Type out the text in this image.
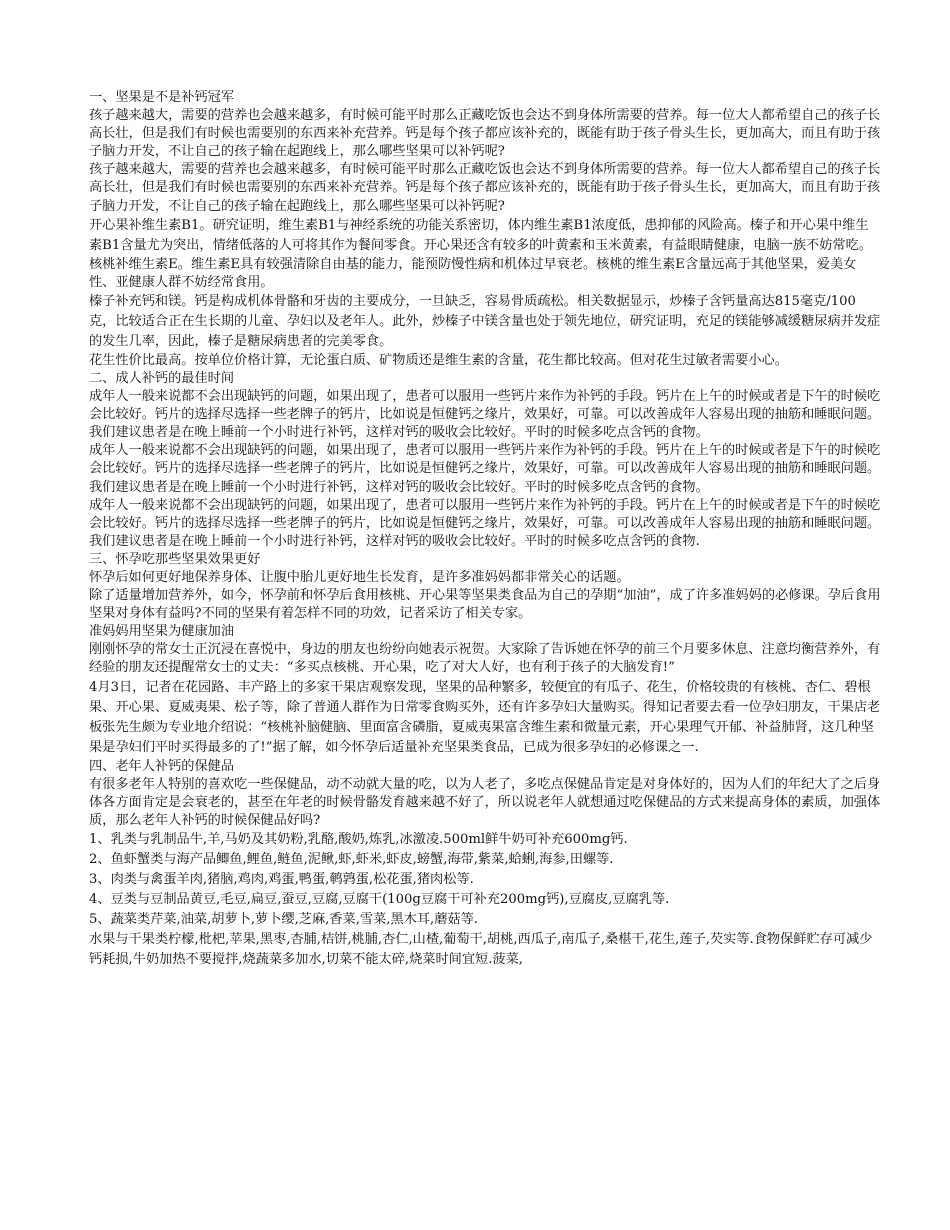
一、坚果是不是补钙冠军

孩子越来越大，需要的营养也会越来越多，有时候可能平时那么正藏吃饭也会达不到身体所需要的营养。每一位大人都希望自己的孩子长高长壮，但是我们有时候也需要别的东西来补充营养。钙是每个孩子都应该补充的，既能有助于孩子骨头生长，更加高大，而且有助于孩子脑力开发，不让自己的孩子输在起跑线上，那么哪些坚果可以补钙呢?

孩子越来越大，需要的营养也会越来越多，有时候可能平时那么正藏吃饭也会达不到身体所需要的营养。每一位大人都希望自己的孩子长高长壮，但是我们有时候也需要别的东西来补充营养。钙是每个孩子都应该补充的，既能有助于孩子骨头生长，更加高大，而且有助于孩子脑力开发，不让自己的孩子输在起跑线上，那么哪些坚果可以补钙呢?

开心果补维生素B1。研究证明，维生素B1与神经系统的功能关系密切，体内维生素B1浓度低，患抑郁的风险高。榛子和开心果中维生素B1含量尤为突出，情绪低落的人可将其作为餐间零食。开心果还含有较多的叶黄素和玉米黄素，有益眼睛健康，电脑一族不妨常吃。

核桃补维生素E。维生素E具有较强清除自由基的能力，能预防慢性病和机体过早衰老。核桃的维生素E含量远高于其他坚果，爱美女性、亚健康人群不妨经常食用。

榛子补充钙和镁。钙是构成机体骨骼和牙齿的主要成分，一旦缺乏，容易骨质疏松。相关数据显示，炒榛子含钙量高达815毫克/100克，比较适合正在生长期的儿童、孕妇以及老年人。此外，炒榛子中镁含量也处于领先地位，研究证明，充足的镁能够减缓糖尿病并发症的发生几率，因此，榛子是糖尿病患者的完美零食。

花生性价比最高。按单位价格计算，无论蛋白质、矿物质还是维生素的含量，花生都比较高。但对花生过敏者需要小心。

二、成人补钙的最佳时间

成年人一般来说都不会出现缺钙的问题，如果出现了，患者可以服用一些钙片来作为补钙的手段。钙片在上午的时候或者是下午的时候吃会比较好。钙片的选择尽选择一些老牌子的钙片，比如说是恒健钙之缘片，效果好，可靠。可以改善成年人容易出现的抽筋和睡眠问题。我们建议患者是在晚上睡前一个小时进行补钙，这样对钙的吸收会比较好。平时的时候多吃点含钙的食物。

成年人一般来说都不会出现缺钙的问题，如果出现了，患者可以服用一些钙片来作为补钙的手段。钙片在上午的时候或者是下午的时候吃会比较好。钙片的选择尽选择一些老牌子的钙片，比如说是恒健钙之缘片，效果好，可靠。可以改善成年人容易出现的抽筋和睡眠问题。我们建议患者是在晚上睡前一个小时进行补钙，这样对钙的吸收会比较好。平时的时候多吃点含钙的食物。

成年人一般来说都不会出现缺钙的问题，如果出现了，患者可以服用一些钙片来作为补钙的手段。钙片在上午的时候或者是下午的时候吃会比较好。钙片的选择尽选择一些老牌子的钙片，比如说是恒健钙之缘片，效果好，可靠。可以改善成年人容易出现的抽筋和睡眠问题。我们建议患者是在晚上睡前一个小时进行补钙，这样对钙的吸收会比较好。平时的时候多吃点含钙的食物.

三、怀孕吃那些坚果效果更好

怀孕后如何更好地保养身体、让腹中胎儿更好地生长发育，是许多准妈妈都非常关心的话题。

除了适量增加营养外，如今，怀孕前和怀孕后食用核桃、开心果等坚果类食品为自己的孕期“加油”，成了许多准妈妈的必修课。孕后食用坚果对身体有益吗?不同的坚果有着怎样不同的功效，记者采访了相关专家。

准妈妈用坚果为健康加油

刚刚怀孕的常女士正沉浸在喜悦中，身边的朋友也纷纷向她表示祝贺。大家除了告诉她在怀孕的前三个月要多休息、注意均衡营养外，有经验的朋友还提醒常女士的丈夫：“多买点核桃、开心果，吃了对大人好，也有利于孩子的大脑发育!”

4月3日，记者在花园路、丰产路上的多家干果店观察发现，坚果的品种繁多，较便宜的有瓜子、花生，价格较贵的有核桃、杏仁、碧根果、开心果、夏威夷果、松子等，除了普通人群作为日常零食购买外，还有许多孕妇大量购买。得知记者要去看一位孕妇朋友，干果店老板张先生颇为专业地介绍说：“核桃补脑健脑、里面富含磷脂，夏威夷果富含维生素和微量元素，开心果理气开郁、补益肺肾，这几种坚果是孕妇们平时买得最多的了!”据了解，如今怀孕后适量补充坚果类食品，已成为很多孕妇的必修课之一.

四、老年人补钙的保健品

有很多老年人特别的喜欢吃一些保健品，动不动就大量的吃，以为人老了，多吃点保健品肯定是对身体好的，因为人们的年纪大了之后身体各方面肯定是会衰老的，甚至在年老的时候骨骼发育越来越不好了，所以说老年人就想通过吃保健品的方式来提高身体的素质，加强体质，那么老年人补钙的时候保健品好吗?

1、乳类与乳制品牛,羊,马奶及其奶粉,乳酪,酸奶,炼乳,冰激凌.500ml鲜牛奶可补充600mg钙.

2、鱼虾蟹类与海产品鲫鱼,鲤鱼,鲢鱼,泥鳅,虾,虾米,虾皮,螃蟹,海带,紫菜,蛤蜊,海参,田螺等.

3、肉类与禽蛋羊肉,猪脑,鸡肉,鸡蛋,鸭蛋,鹌鹑蛋,松花蛋,猪肉松等.

4、豆类与豆制品黄豆,毛豆,扁豆,蚕豆,豆腐,豆腐干(100g豆腐干可补充200mg钙),豆腐皮,豆腐乳等.

5、蔬菜类芹菜,油菜,胡萝卜,萝卜缨,芝麻,香菜,雪菜,黑木耳,蘑菇等.

水果与干果类柠檬,枇杷,苹果,黑枣,杏脯,桔饼,桃脯,杏仁,山楂,葡萄干,胡桃,西瓜子,南瓜子,桑椹干,花生,莲子,芡实等.食物保鲜贮存可减少钙耗损,牛奶加热不要搅拌,烧蔬菜多加水,切菜不能太碎,烧菜时间宜短.菠菜,
